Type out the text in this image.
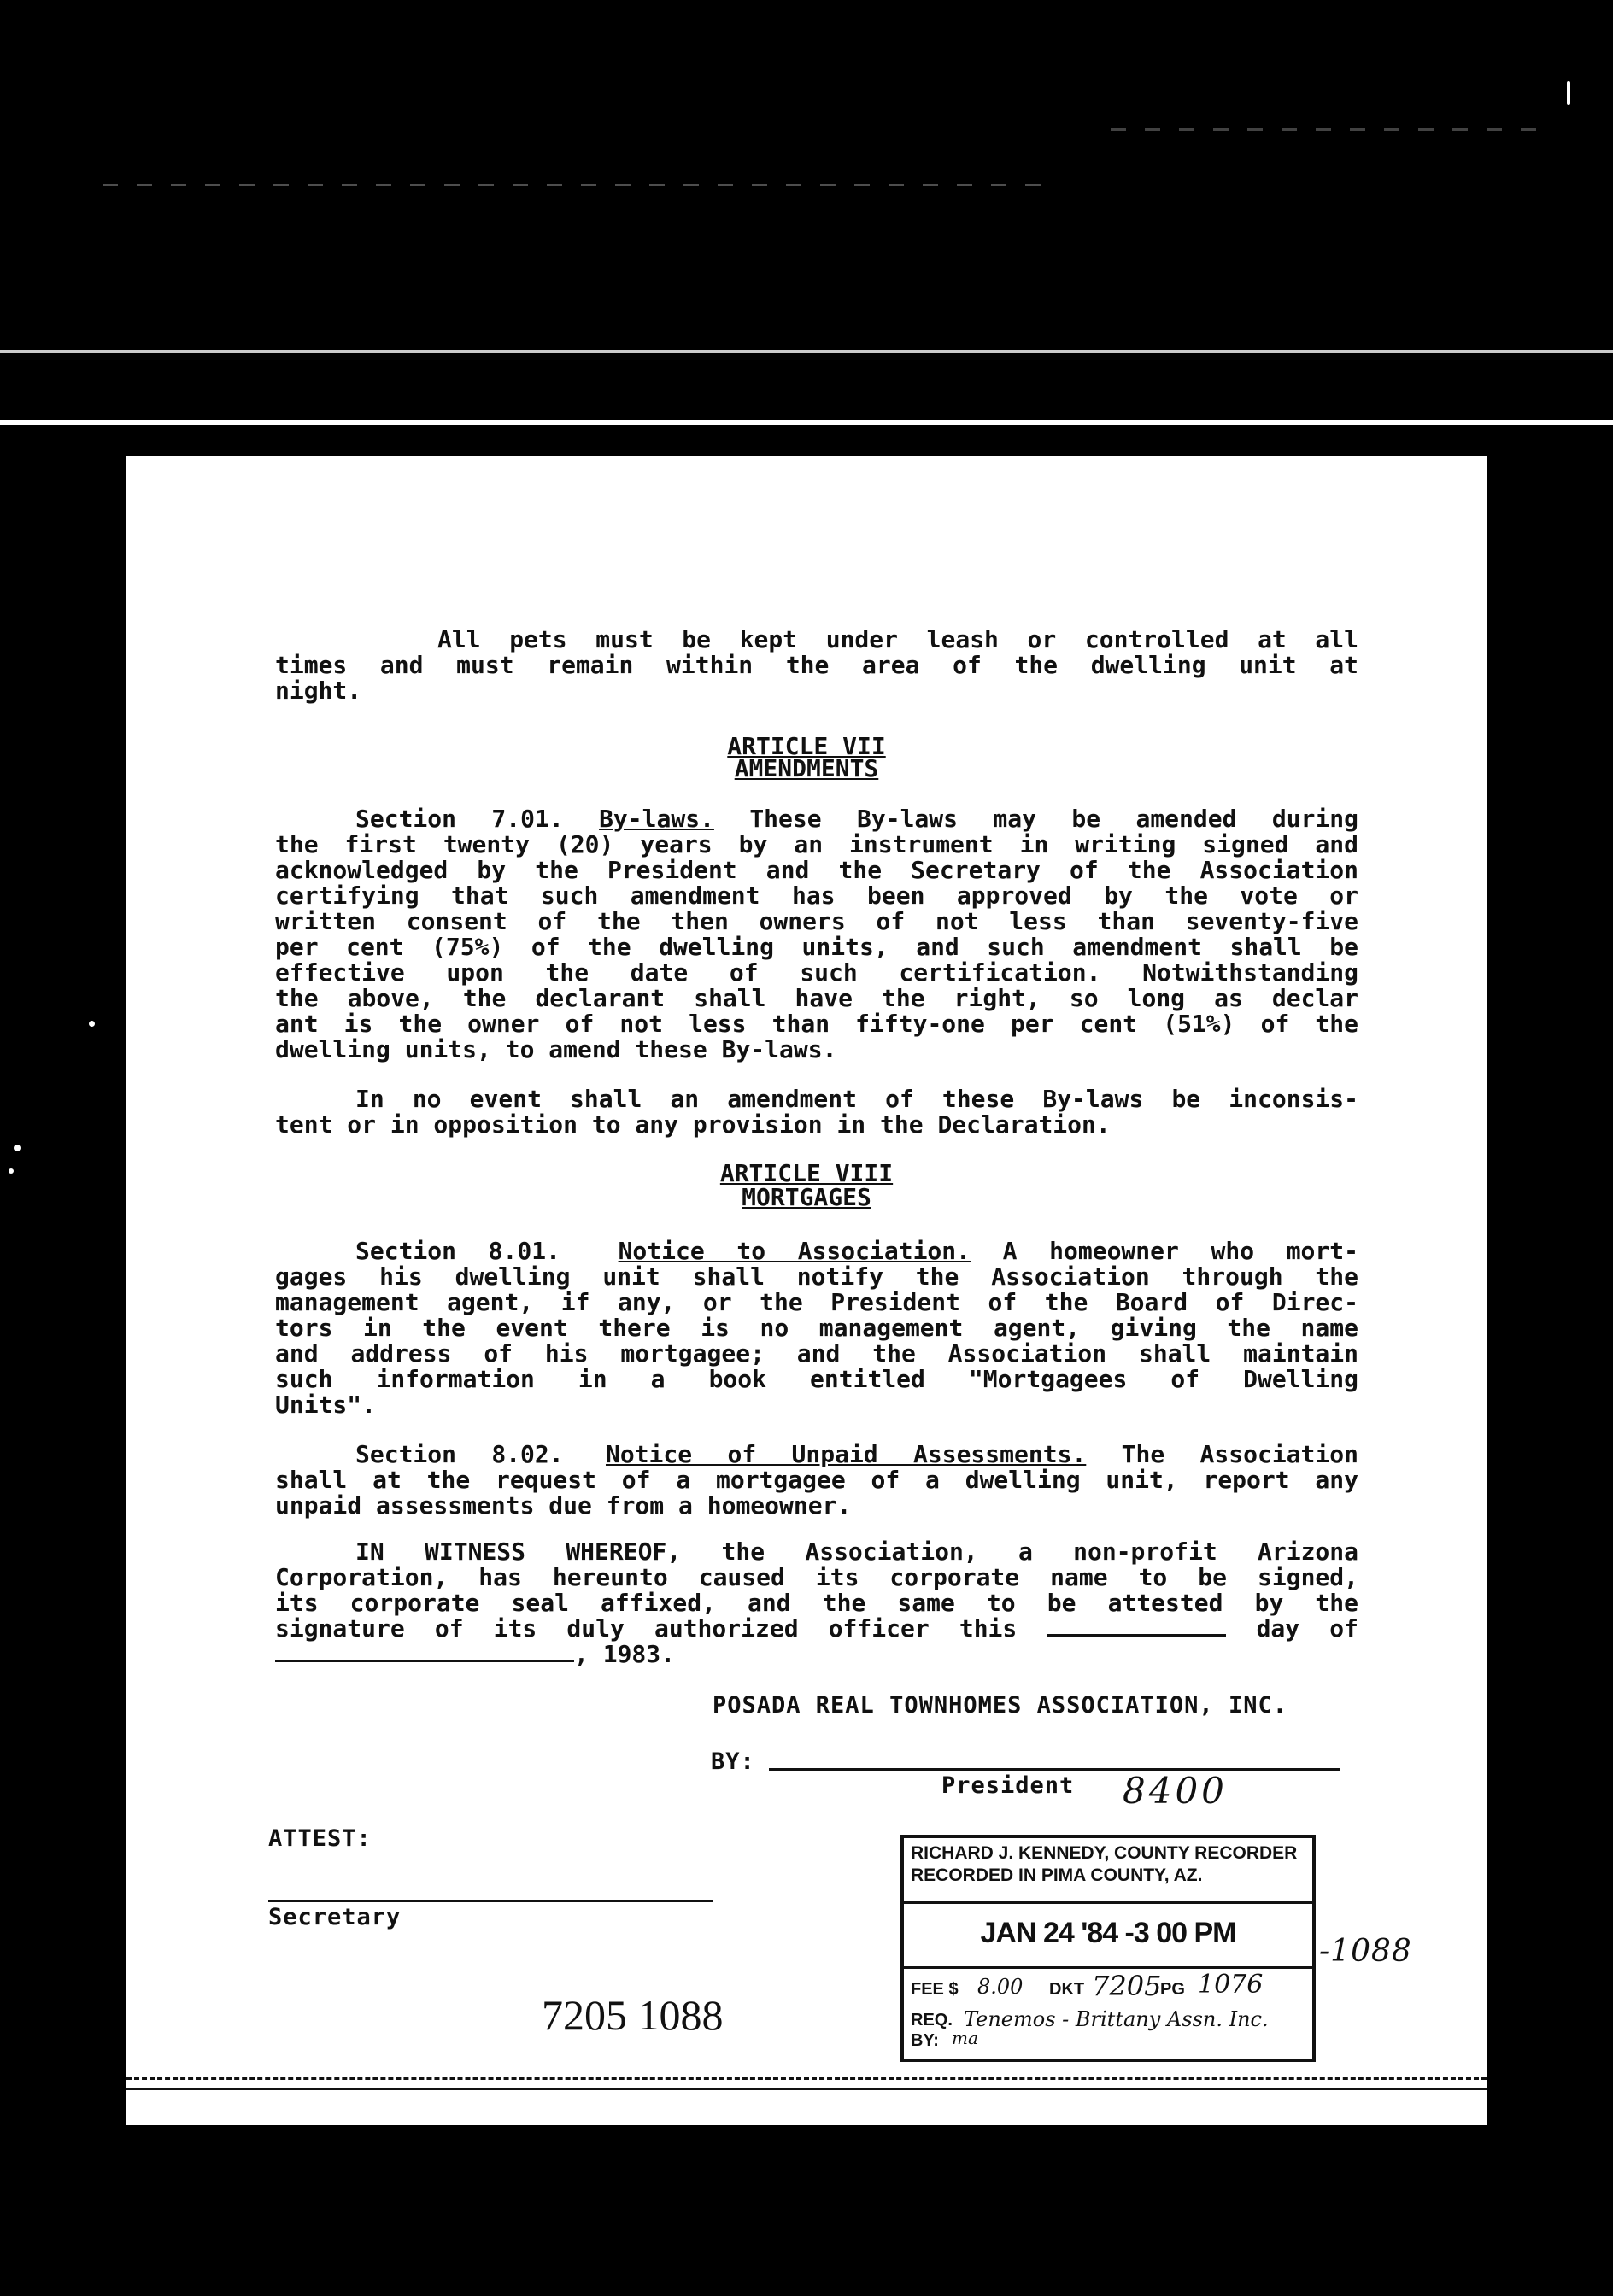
All pets must be kept under leash or controlled at all
times and must remain within the area of the dwelling unit at
night.
ARTICLE VII
AMENDMENTS
Section 7.01. By-laws. These By-laws may be amended during
the first twenty (20) years by an instrument in writing signed and
acknowledged by the President and the Secretary of the Association
certifying that such amendment has been approved by the vote or
written consent of the then owners of not less than seventy-five
per cent (75%) of the dwelling units, and such amendment shall be
effective upon the date of such certification. Notwithstanding
the above, the declarant shall have the right, so long as declar
ant is the owner of not less than fifty-one per cent (51%) of the
dwelling units, to amend these By-laws.
In no event shall an amendment of these By-laws be inconsis-
tent or in opposition to any provision in the Declaration.
ARTICLE VIII
MORTGAGES
Section 8.01. Notice to Association. A homeowner who mort-
gages his dwelling unit shall notify the Association through the
management agent, if any, or the President of the Board of Direc-
tors in the event there is no management agent, giving the name
and address of his mortgagee; and the Association shall maintain
such information in a book entitled "Mortgagees of Dwelling
Units".
Section 8.02. Notice of Unpaid Assessments. The Association
shall at the request of a mortgagee of a dwelling unit, report any
unpaid assessments due from a homeowner.
IN WITNESS WHEREOF, the Association, a non-profit Arizona
Corporation, has hereunto caused its corporate name to be signed,
its corporate seal affixed, and the same to be attested by the
signature of its duly authorized officer this	day of
, 1983.
POSADA REAL TOWNHOMES ASSOCIATION, INC.
BY:
President 8400
ATTEST:
Secretary
RICHARD J. KENNEDY, COUNTY RECORDER
RECORDED IN PIMA COUNTY, AZ.
JAN 24 '84 -3 00 PM
FEE $ 8.00 DKT 7205
PG 1076
REQ. Tenemos - Brittany Assn. Inc.
BY: ma
-1088
7205 1088
